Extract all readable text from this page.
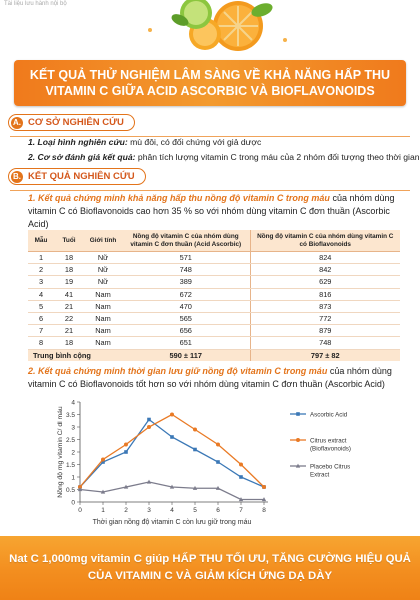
Tài liệu lưu hành nội bộ
KẾT QUẢ THỬ NGHIỆM LÂM SÀNG VỀ KHẢ NĂNG HẤP THU
VITAMIN C GIỮA ACID ASCORBIC VÀ BIOFLAVONOIDS
A. CƠ SỞ NGHIÊN CỨU
1. Loại hình nghiên cứu: mù đôi, có đối chứng với giả dược
2. Cơ sở đánh giá kết quả: phân tích lượng vitamin C trong máu của 2 nhóm đối tượng theo thời gian
B. KẾT QUẢ NGHIÊN CỨU
1. Kết quả chứng minh khả năng hấp thu nồng độ vitamin C trong máu của nhóm dùng vitamin C có Bioflavonoids cao hơn 35 % so với nhóm dùng vitamin C đơn thuần (Ascorbic Acid)
Mẫu	Tuổi	Giới tính	Nồng độ vitamin C của nhóm dùng vitamin C đơn thuần (Acid Ascorbic)	Nồng độ vitamin C của nhóm dùng vitamin C có Bioflavonoids
1	18	Nữ	571	824
2	18	Nữ	748	842
3	19	Nữ	389	629
4	41	Nam	672	816
5	21	Nam	470	873
6	22	Nam	565	772
7	21	Nam	656	879
8	18	Nam	651	748
Trung bình cộng			590 ± 117	797 ± 82
2. Kết quả chứng minh thời gian lưu giữ nồng độ vitamin C trong máu của nhóm dùng vitamin C có Bioflavonoids tốt hơn so với nhóm dùng vitamin C đơn thuần (Ascorbic Acid)
0
0.5
1
1.5
2
2.5
3
3.5
4
0	1	2	3	4	5	6	7	8
Nồng độ mg vitamin C/ dl máu
Thời gian nồng độ vitamin C còn lưu giữ trong máu
Ascorbic Acid
Citrus extract
(Bioflavonoids)
Placebo Citrus
Extract
Nat C 1,000mg vitamin C giúp HẤP THU TỐI ƯU, TĂNG CƯỜNG HIỆU QUẢ
CỦA VITAMIN C VÀ GIẢM KÍCH ỨNG DẠ DÀY
